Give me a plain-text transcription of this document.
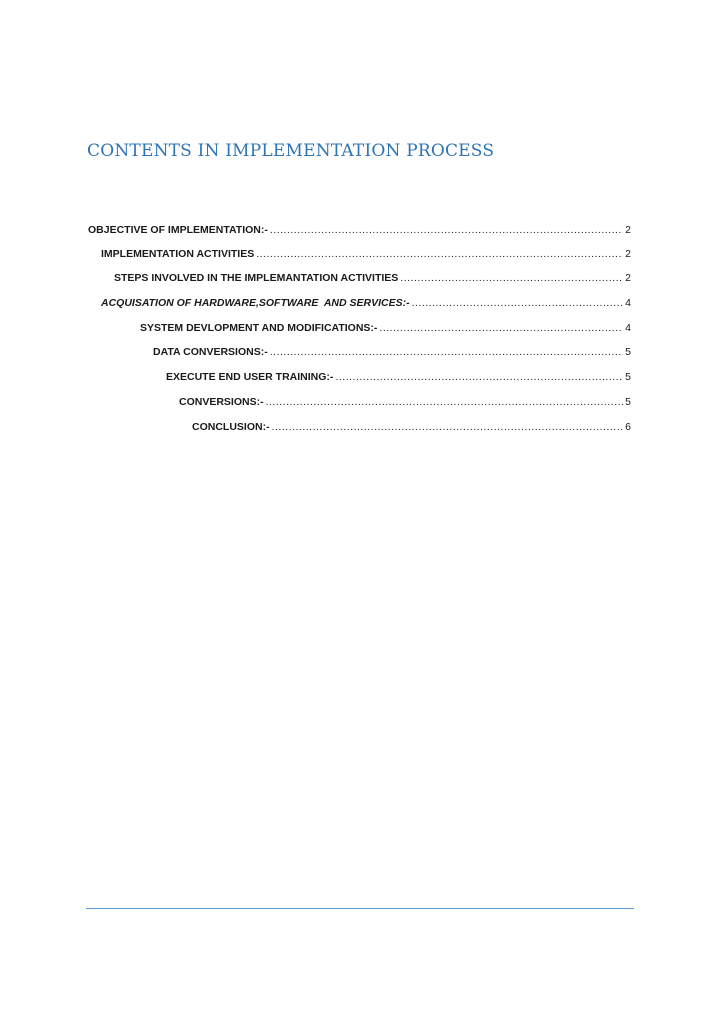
CONTENTS IN IMPLEMENTATION PROCESS
OBJECTIVE OF IMPLEMENTATION:- .....	2
IMPLEMENTATION ACTIVITIES .....	2
STEPS INVOLVED IN THE IMPLEMANTATION ACTIVITIES .....	2
ACQUISATION OF HARDWARE,SOFTWARE  AND SERVICES:- .....	4
SYSTEM DEVLOPMENT AND MODIFICATIONS:- .....	4
DATA CONVERSIONS:- .....	5
EXECUTE END USER TRAINING:- .....	5
CONVERSIONS:- .....	5
CONCLUSION:- .....	6
